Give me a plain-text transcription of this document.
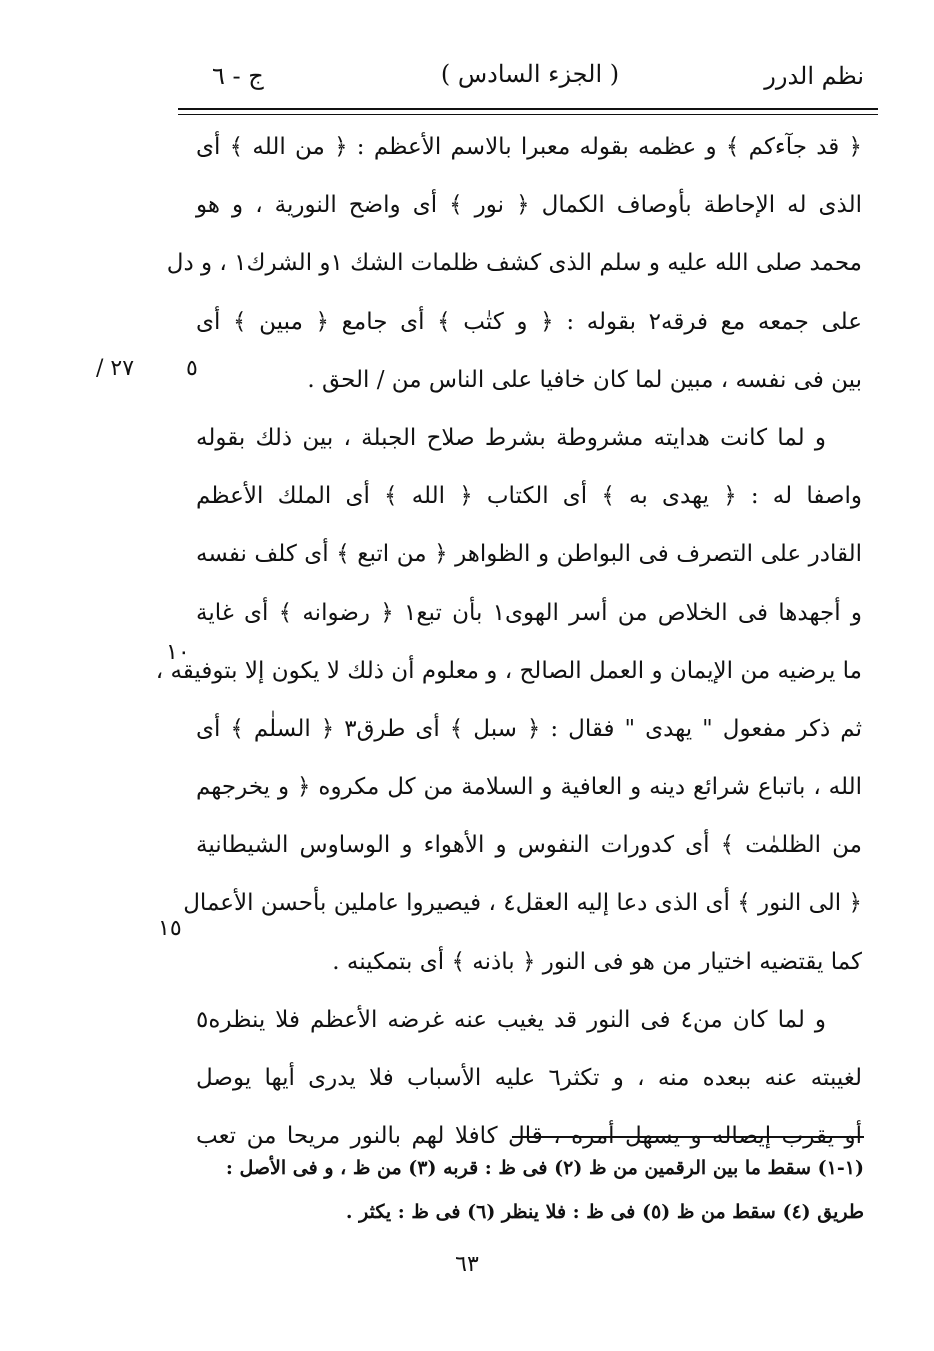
نظم الدرر
( الجزء السادس )
ج - ٦
﴿ قد جآءكم ﴾ و عظمه بقوله معبرا بالاسم الأعظم : ﴿ من الله ﴾ أى
الذى له الإحاطة بأوصاف الكمال ﴿ نور ﴾ أى واضح النورية ، و هو
محمد صلى الله عليه و سلم الذى كشف ظلمات الشك ١و الشرك١ ، و دل
على جمعه مع فرقه٢ بقوله : ﴿ و كتٰب ﴾ أى جامع ﴿ مبين ﴾ أى
بين فى نفسه ، مبين لما كان خافيا على الناس من / الحق .
و لما كانت هدايته مشروطة بشرط صلاح الجبلة ، بين ذلك بقوله
واصفا له : ﴿ يهدى به ﴾ أى الكتاب ﴿ الله ﴾ أى الملك الأعظم
القادر على التصرف فى البواطن و الظواهر ﴿ من اتبع ﴾ أى كلف نفسه
و أجهدها فى الخلاص من أسر الهوى١ بأن تبع١ ﴿ رضوانه ﴾ أى غاية
ما يرضيه من الإيمان و العمل الصالح ، و معلوم أن ذلك لا يكون إلا بتوفيقه ،
ثم ذكر مفعول " يهدى " فقال : ﴿ سبل ﴾ أى طرق٣ ﴿ السلٰم ﴾ أى
الله ، باتباع شرائع دينه و العافية و السلامة من كل مكروه ﴿ و يخرجهم
من الظلمٰت ﴾ أى كدورات النفوس و الأهواء و الوساوس الشيطانية
﴿ الى النور ﴾ أى الذى دعا إليه العقل٤ ، فيصيروا عاملين بأحسن الأعمال
كما يقتضيه اختيار من هو فى النور ﴿ باذنه ﴾ أى بتمكينه .
و لما كان من٤ فى النور قد يغيب عنه غرضه الأعظم فلا ينظره٥
لغيبته عنه ببعده منه ، و تكثر٦ عليه الأسباب فلا يدرى أيها يوصل
أو يقرب إيصاله و يسهل أمره ، قال كافلا لهم بالنور مريحا من تعب
٥
١٠
١٥
٢٧ /
(١-١) سقط ما بين الرقمين من ظ (٢) فى ظ : قربه (٣) من ظ ، و فى الأصل :
طريق (٤) سقط من ظ (٥) فى ظ : فلا ينظر (٦) فى ظ : يكثر .
٦٣
